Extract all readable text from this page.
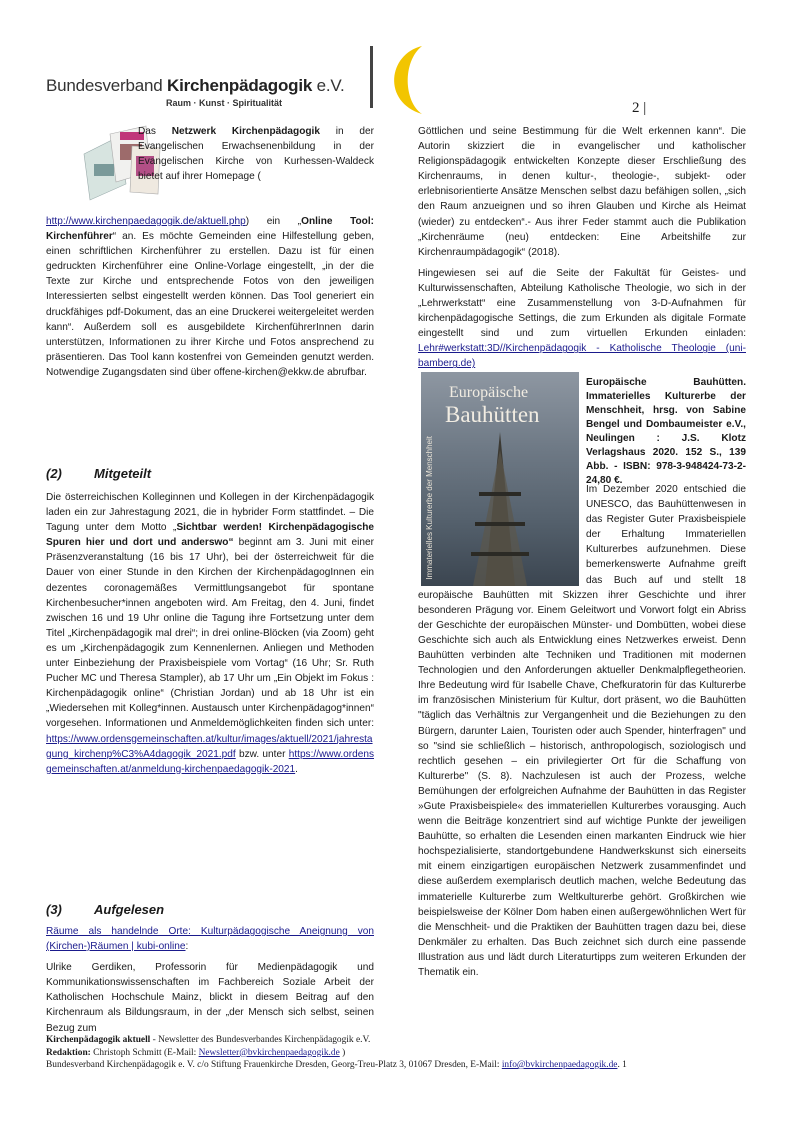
Bundesverband Kirchenpädagogik e.V.
Raum · Kunst · Spiritualität	2 |

Das Netzwerk Kirchenpädagogik in der Evangelischen Erwachsenenbildung in der Evangelischen Kirche von Kurhessen-Waldeck bietet auf ihrer Homepage (

http://www.kirchenpaedagogik.de/aktuell.php) ein „Online Tool: Kirchenführer“ an. Es möchte Gemeinden eine Hilfestellung geben, einen schriftlichen Kirchenführer zu erstellen. Dazu ist für einen gedruckten Kirchenführer eine Online-Vorlage eingestellt, „in der die Texte zur Kirche und entsprechende Fotos von den jeweiligen Interessierten selbst eingestellt werden können. Das Tool generiert ein druckfähiges pdf-Dokument, das an eine Druckerei weitergeleitet werden kann“. Außerdem soll es ausgebildete KirchenführerInnen darin unterstützen, Informationen zu ihrer Kirche und Fotos ansprechend zu präsentieren. Das Tool kann kostenfrei von Gemeinden genutzt werden. Notwendige Zugangsdaten sind über offene-kirchen@ekkw.de abrufbar.

(2) Mitgeteilt

Die österreichischen Kolleginnen und Kollegen in der Kirchenpädagogik laden ein zur Jahrestagung 2021, die in hybrider Form stattfindet. – Die Tagung unter dem Motto „Sichtbar werden! Kirchenpädagogische Spuren hier und dort und anderswo“ beginnt am 3. Juni mit einer Präsenzveranstaltung (16 bis 17 Uhr), bei der österreichweit für die Dauer von einer Stunde in den Kirchen der KirchenpädagogInnen ein dezentes coronagemäßes Vermittlungsangebot für spontane Kirchenbesucher*innen angeboten wird. Am Freitag, den 4. Juni, findet zwischen 16 und 19 Uhr online die Tagung ihre Fortsetzung unter dem Titel „Kirchenpädagogik mal drei“; in drei online-Blöcken (via Zoom) geht es um „Kirchenpädagogik zum Kennenlernen. Anliegen und Methoden unter Einbeziehung der Praxisbeispiele vom Vortag“ (16 Uhr; Sr. Ruth Pucher MC und Theresa Stampler), ab 17 Uhr um „Ein Objekt im Fokus : Kirchenpädagogik online“ (Christian Jordan) und ab 18 Uhr ist ein „Wiedersehen mit Kolleg*innen. Austausch unter Kirchenpädagog*innen“ vorgesehen. Informationen und Anmeldemöglichkeiten finden sich unter: https://www.ordensgemeinschaften.at/kultur/images/aktuell/2021/jahrestagung_kirchenp%C3%A4dagogik_2021.pdf bzw. unter https://www.ordensgemeinschaften.at/anmeldung-kirchenpaedagogik-2021.

(3) Aufgelesen

Räume als handelnde Orte: Kulturpädagogische Aneignung von (Kirchen-)Räumen | kubi-online:

Ulrike Gerdiken, Professorin für Medienpädagogik und Kommunikationswissenschaften im Fachbereich Soziale Arbeit der Katholischen Hochschule Mainz, blickt in diesem Beitrag auf den Kirchenraum als Bildungsraum, in der „der Mensch sich selbst, seinen Bezug zum

Göttlichen und seine Bestimmung für die Welt erkennen kann“. Die Autorin skizziert die in evangelischer und katholischer Religionspädagogik entwickelten Konzepte dieser Erschließung des Kirchenraums, in denen kultur-, theologie-, subjekt- oder erlebnisorientierte Ansätze Menschen selbst dazu befähigen sollen, „sich den Raum anzueignen und so ihren Glauben und Kirche als Heimat (wieder) zu entdecken“.- Aus ihrer Feder stammt auch die Publikation „Kirchenräume (neu) entdecken: Eine Arbeitshilfe zur Kirchenraumpädagogik“ (2018).

Hingewiesen sei auf die Seite der Fakultät für Geistes- und Kulturwissenschaften, Abteilung Katholische Theologie, wo sich in der „Lehrwerkstatt“ eine Zusammenstellung von 3-D-Aufnahmen für kirchenpädagogische Settings, die zum Erkunden als digitale Formate eingestellt sind und zum virtuellen Erkunden einladen: Lehr#werkstatt:3D//Kirchenpädagogik - Katholische Theologie (uni-bamberg.de)

Europäische
Bauhütten
Immaterielles Kulturerbe der Menschheit

Europäische Bauhütten. Immaterielles Kulturerbe der Menschheit, hrsg. von Sabine Bengel und Dombaumeister e.V., Neulingen : J.S. Klotz Verlagshaus 2020. 152 S., 139 Abb. - ISBN: 978-3-948424-73-2- 24,80 €.

Im Dezember 2020 entschied die UNESCO, das Bauhüttenwesen in das Register Guter Praxisbeispiele der Erhaltung Immateriellen Kulturerbes aufzunehmen. Diese bemerkenswerte Aufnahme greift das Buch auf und stellt 18 europäische Bauhütten mit Skizzen ihrer Geschichte und ihrer besonderen Prägung vor. Einem Geleitwort und Vorwort folgt ein Abriss der Geschichte der europäischen Münster- und Dombütten, wobei diese Geschichte sich auch als Entwicklung eines Netzwerkes erweist. Denn Bauhütten verbinden alte Techniken und Traditionen mit modernen Technologien und den Anforderungen aktueller Denkmalpflegetheorien. Ihre Bedeutung wird für Isabelle Chave, Chefkuratorin für das Kulturerbe im französischen Ministerium für Kultur, dort präsent, wo die Bauhütten "täglich das Verhältnis zur Vergangenheit und die Beziehungen zu den Bürgern, darunter Laien, Touristen oder auch Spender, hinterfragen" und so "sind sie schließlich – historisch, anthropologisch, soziologisch und rechtlich gesehen – ein privilegierter Ort für die Schaffung von Kulturerbe" (S. 8). Nachzulesen ist auch der Prozess, welche Bemühungen der erfolgreichen Aufnahme der Bauhütten in das Register »Gute Praxisbeispiele« des immateriellen Kulturerbes vorausging. Auch wenn die Beiträge konzentriert sind auf wichtige Punkte der jeweiligen Bauhütte, so erhalten die Lesenden einen markanten Eindruck wie hier hochspezialisierte, standortgebundene Handwerkskunst sich einerseits mit einem einzigartigen europäischen Netzwerk zusammenfindet und diese außerdem exemplarisch deutlich machen, welche Bedeutung das immaterielle Kulturerbe zum Weltkulturerbe gehört. Großkirchen wie beispielsweise der Kölner Dom haben einen außergewöhnlichen Wert für die Menschheit- und die Praktiken der Bauhütten tragen dazu bei, diese Denkmäler zu erhalten. Das Buch zeichnet sich durch eine passende Illustration aus und lädt durch Literaturtipps zum weiteren Erkunden der Thematik ein.

Kirchenpädagogik aktuell - Newsletter des Bundesverbandes Kirchenpädagogik e.V.
Redaktion: Christoph Schmitt (E-Mail: Newsletter@bvkirchenpaedagogik.de )
Bundesverband Kirchenpädagogik e. V. c/o Stiftung Frauenkirche Dresden, Georg-Treu-Platz 3, 01067 Dresden, E-Mail: info@bvkirchenpaedagogik.de. 1
